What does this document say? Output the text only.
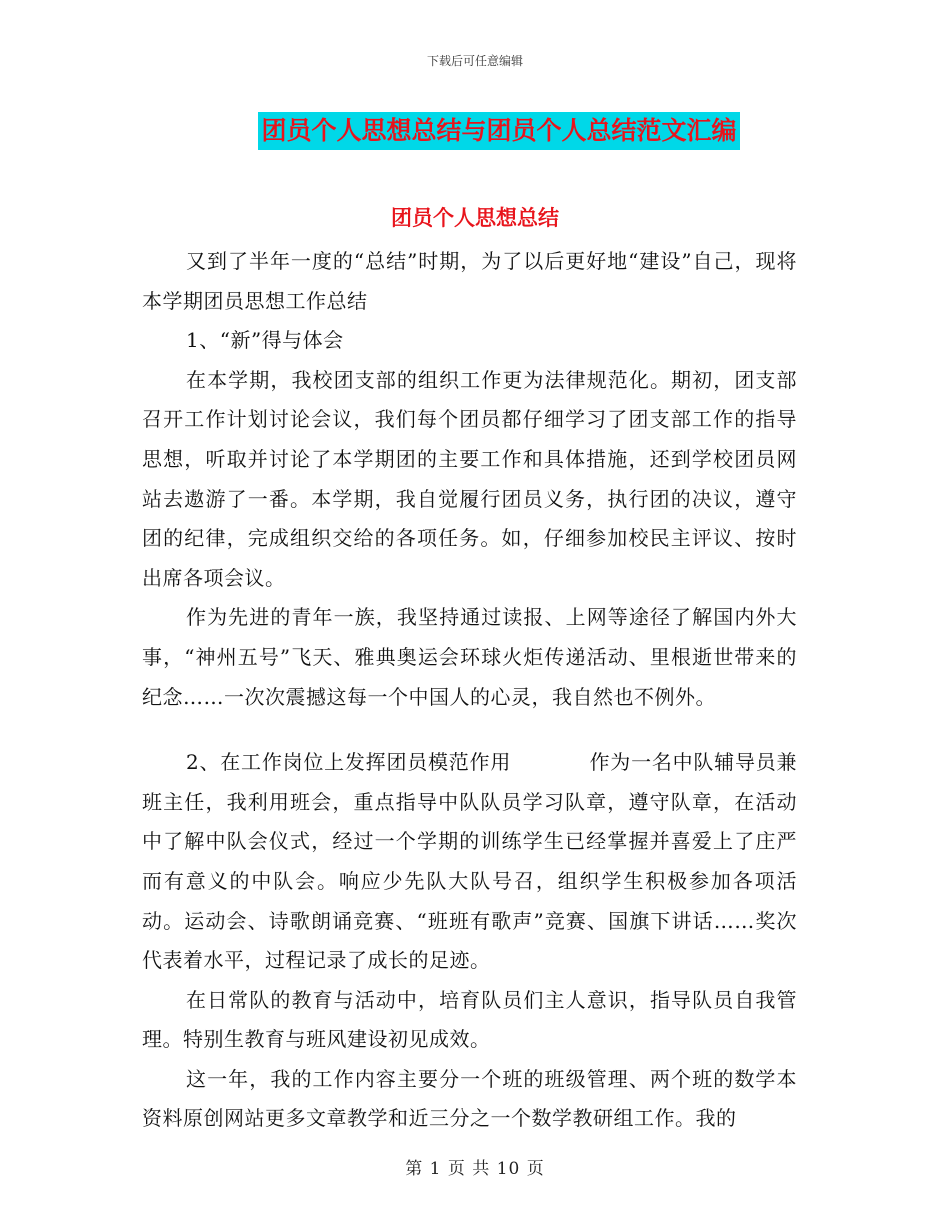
下载后可任意编辑
团员个人思想总结与团员个人总结范文汇编
团员个人思想总结

又到了半年一度的“总结”时期，为了以后更好地“建设”自己，现将本学期团员思想工作总结

1、“新”得与体会

在本学期，我校团支部的组织工作更为法律规范化。期初，团支部召开工作计划讨论会议，我们每个团员都仔细学习了团支部工作的指导思想，听取并讨论了本学期团的主要工作和具体措施，还到学校团员网站去遨游了一番。本学期，我自觉履行团员义务，执行团的决议，遵守团的纪律，完成组织交给的各项任务。如，仔细参加校民主评议、按时出席各项会议。

作为先进的青年一族，我坚持通过读报、上网等途径了解国内外大事，“神州五号”飞天、雅典奥运会环球火炬传递活动、里根逝世带来的纪念……一次次震撼这每一个中国人的心灵，我自然也不例外。

2、在工作岗位上发挥团员模范作用           作为一名中队辅导员兼班主任，我利用班会，重点指导中队队员学习队章，遵守队章，在活动中了解中队会仪式，经过一个学期的训练学生已经掌握并喜爱上了庄严而有意义的中队会。响应少先队大队号召，组织学生积极参加各项活动。运动会、诗歌朗诵竞赛、“班班有歌声”竞赛、国旗下讲话……奖次代表着水平，过程记录了成长的足迹。

在日常队的教育与活动中，培育队员们主人意识，指导队员自我管理。特别生教育与班风建设初见成效。

这一年，我的工作内容主要分一个班的班级管理、两个班的数学本资料原创网站更多文章教学和近三分之一个数学教研组工作。我的

第 1 页 共 10 页
